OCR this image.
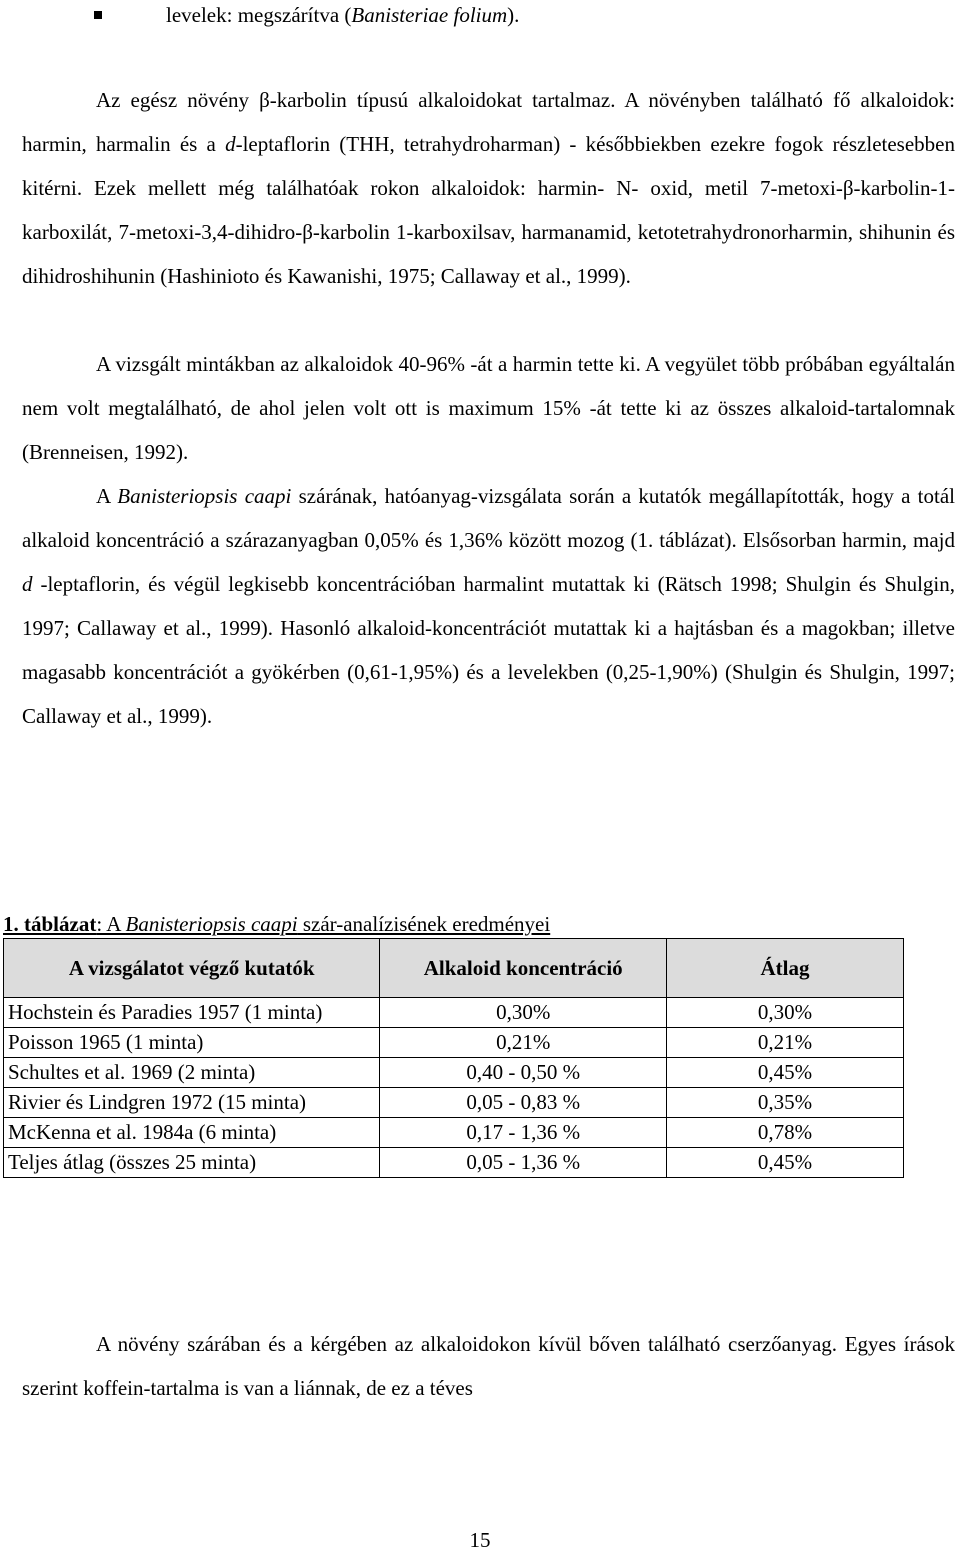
levelek: megszárítva (Banisteriae folium).

Az egész növény β-karbolin típusú alkaloidokat tartalmaz. A növényben található fő alkaloidok: harmin, harmalin és a d-leptaflorin (THH, tetrahydroharman) - későbbiekben ezekre fogok részletesebben kitérni. Ezek mellett még találhatóak rokon alkaloidok: harmin- N- oxid, metil 7-metoxi-β-karbolin-1-karboxilát, 7-metoxi-3,4-dihidro-β-karbolin 1-karboxilsav, harmanamid, ketotetrahydronorharmin, shihunin és dihidroshihunin (Hashinioto és Kawanishi, 1975; Callaway et al., 1999).

A vizsgált mintákban az alkaloidok 40-96% -át a harmin tette ki. A vegyület több próbában egyáltalán nem volt megtalálható, de ahol jelen volt ott is maximum 15% -át tette ki az összes alkaloid-tartalomnak (Brenneisen, 1992).

A Banisteriopsis caapi szárának, hatóanyag-vizsgálata során a kutatók megállapították, hogy a totál alkaloid koncentráció a szárazanyagban 0,05% és 1,36% között mozog (1. táblázat). Elsősorban harmin, majd d -leptaflorin, és végül legkisebb koncentrációban harmalint mutattak ki (Rätsch 1998; Shulgin és Shulgin, 1997; Callaway et al., 1999). Hasonló alkaloid-koncentrációt mutattak ki a hajtásban és a magokban; illetve magasabb koncentrációt a gyökérben (0,61-1,95%) és a levelekben (0,25-1,90%) (Shulgin és Shulgin, 1997; Callaway et al., 1999).

1. táblázat: A Banisteriopsis caapi szár-analízisének eredményei
A vizsgálatot végző kutatók	Alkaloid koncentráció	Átlag
Hochstein és Paradies 1957 (1 minta)	0,30%	0,30%
Poisson 1965 (1 minta)	0,21%	0,21%
Schultes et al. 1969 (2 minta)	0,40 - 0,50 %	0,45%
Rivier és Lindgren 1972 (15 minta)	0,05 - 0,83 %	0,35%
McKenna et al. 1984a (6 minta)	0,17 - 1,36 %	0,78%
Teljes átlag (összes 25 minta)	0,05 - 1,36 %	0,45%

A növény szárában és a kérgében az alkaloidokon kívül bőven található cserzőanyag. Egyes írások szerint koffein-tartalma is van a liánnak, de ez a téves

15
